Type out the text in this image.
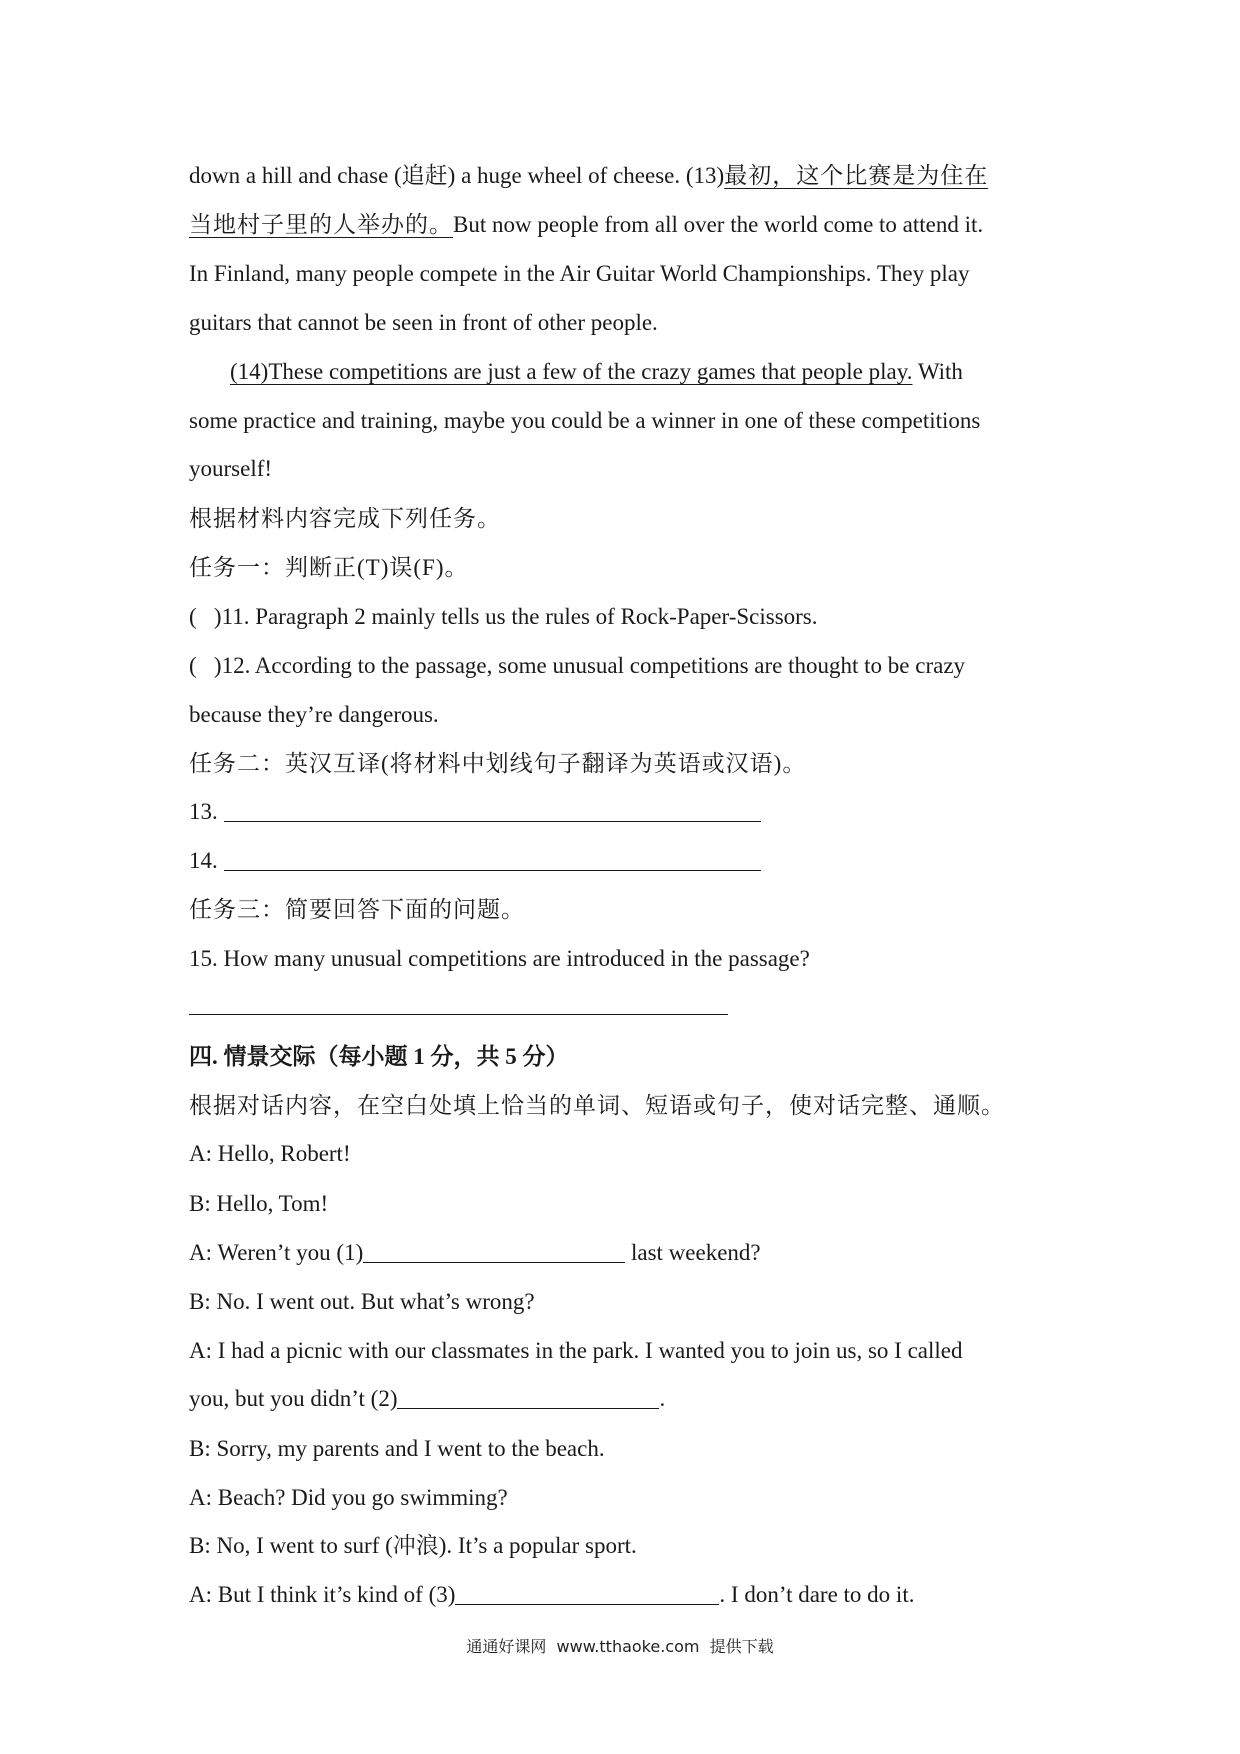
down a hill and chase (追赶) a huge wheel of cheese. (13)最初，这个比赛是为住在
当地村子里的人举办的。But now people from all over the world come to attend it.
In Finland, many people compete in the Air Guitar World Championships. They play
guitars that cannot be seen in front of other people.
(14)These competitions are just a few of the crazy games that people play. With
some practice and training, maybe you could be a winner in one of these competitions
yourself!
根据材料内容完成下列任务。
任务一：判断正(T)误(F)。
(   )11. Paragraph 2 mainly tells us the rules of Rock-Paper-Scissors.
(   )12. According to the passage, some unusual competitions are thought to be crazy
because they’re dangerous.
任务二：英汉互译(将材料中划线句子翻译为英语或汉语)。
13.
14.
任务三：简要回答下面的问题。
15. How many unusual competitions are introduced in the passage?
四. 情景交际（每小题 1 分，共 5 分）
根据对话内容，在空白处填上恰当的单词、短语或句子，使对话完整、通顺。
A: Hello, Robert!
B: Hello, Tom!
A: Weren’t you (1)	last weekend?
B: No. I went out. But what’s wrong?
A: I had a picnic with our classmates in the park. I wanted you to join us, so I called
you, but you didn’t (2)	.
B: Sorry, my parents and I went to the beach.
A: Beach? Did you go swimming?
B: No, I went to surf (冲浪). It’s a popular sport.
A: But I think it’s kind of (3)	. I don’t dare to do it.
通通好课网  www.tthaoke.com  提供下载
